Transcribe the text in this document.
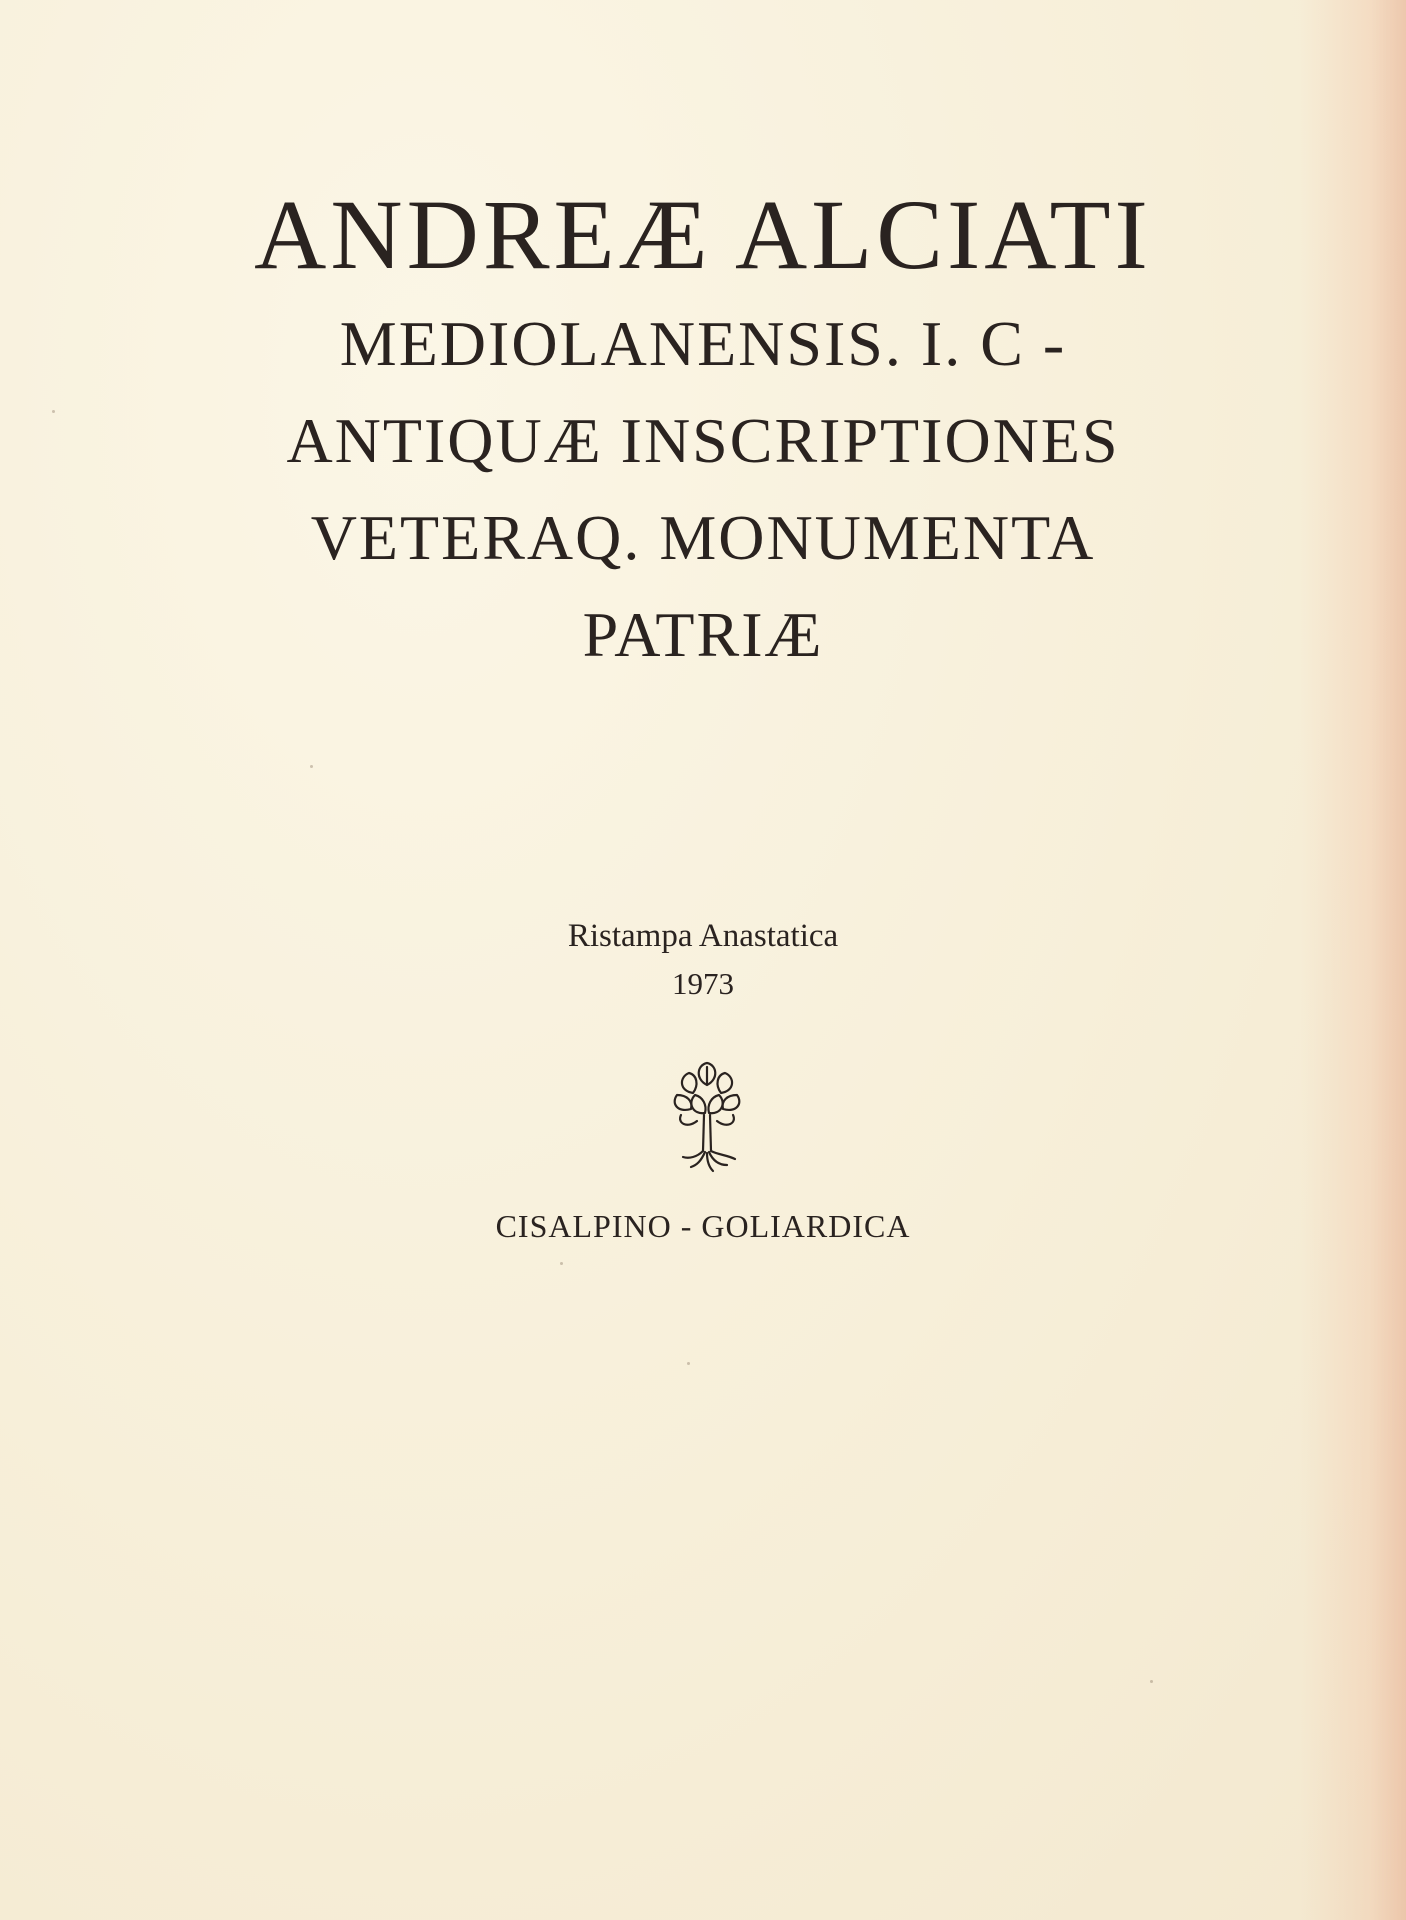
ANDREÆ ALCIATI
MEDIOLANENSIS. I. C -
ANTIQUÆ INSCRIPTIONES
VETERAQ. MONUMENTA
PATRIÆ
Ristampa Anastatica
1973
CISALPINO - GOLIARDICA
